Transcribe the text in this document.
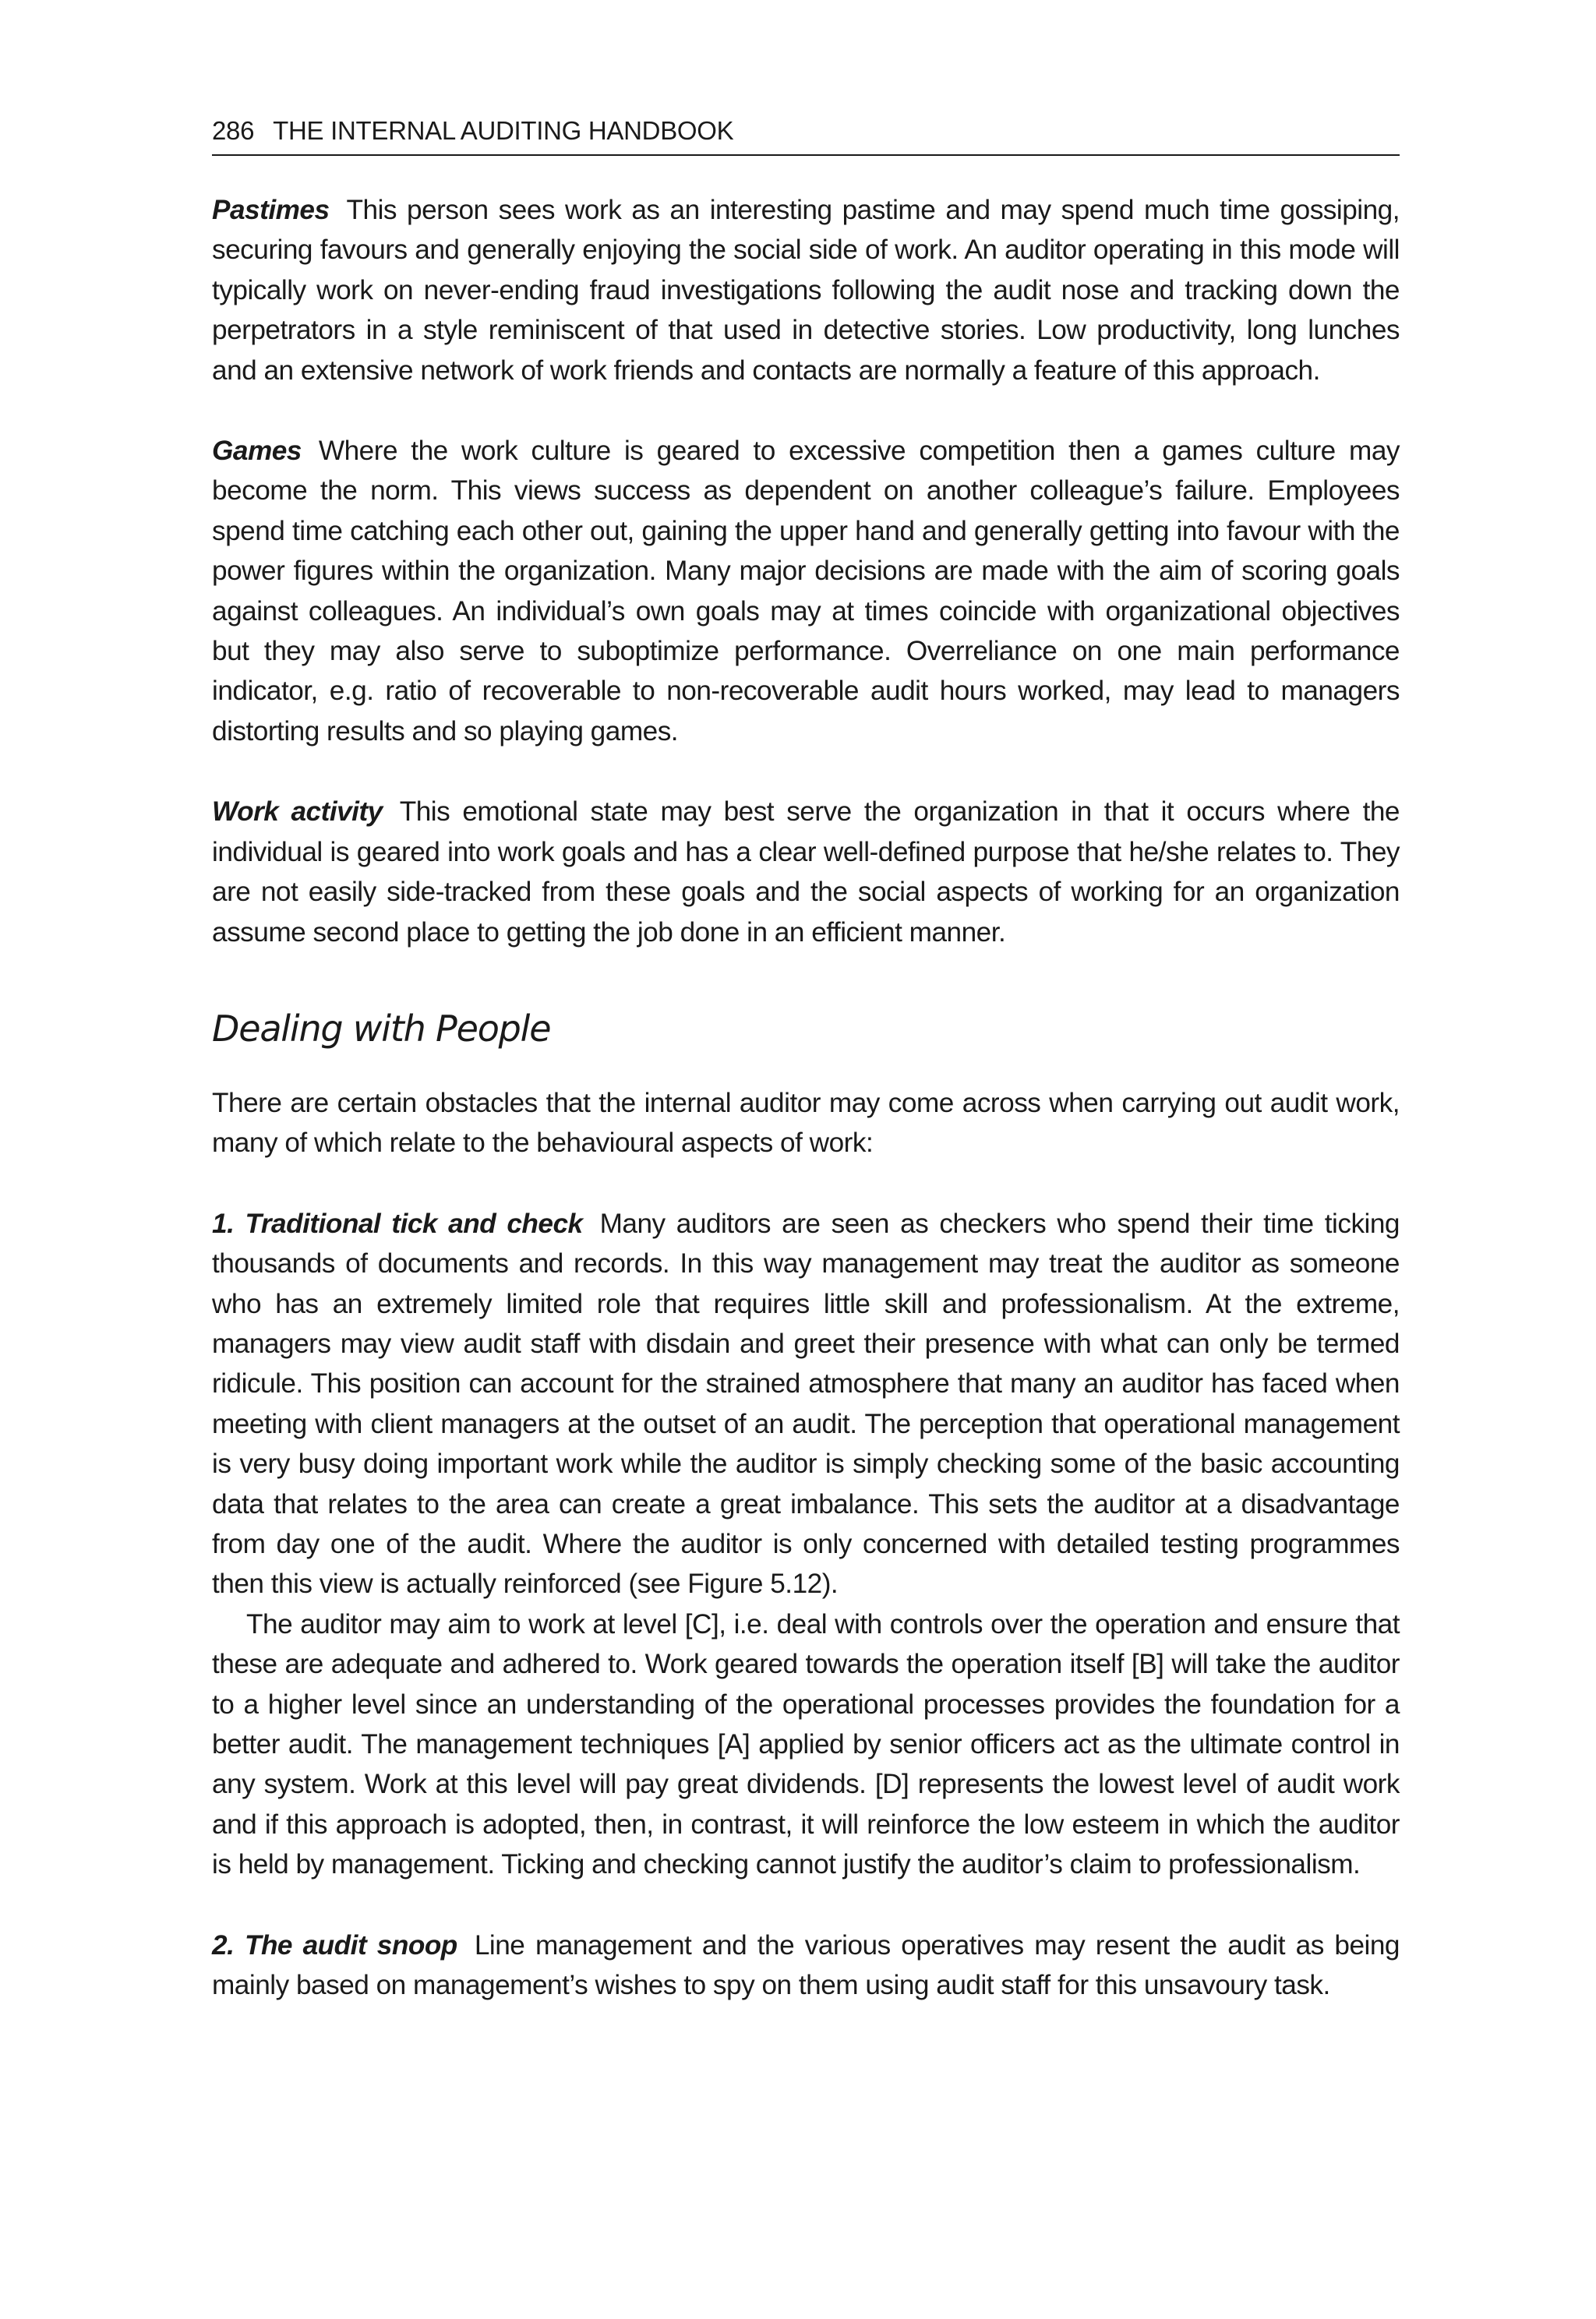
286 THE INTERNAL AUDITING HANDBOOK

Pastimes This person sees work as an interesting pastime and may spend much time gossiping, securing favours and generally enjoying the social side of work. An auditor operating in this mode will typically work on never-ending fraud investigations following the audit nose and tracking down the perpetrators in a style reminiscent of that used in detective stories. Low productivity, long lunches and an extensive network of work friends and contacts are normally a feature of this approach.

Games Where the work culture is geared to excessive competition then a games culture may become the norm. This views success as dependent on another colleague’s failure. Employees spend time catching each other out, gaining the upper hand and generally getting into favour with the power figures within the organization. Many major decisions are made with the aim of scoring goals against colleagues. An individual’s own goals may at times coincide with organizational objectives but they may also serve to suboptimize performance. Overreliance on one main performance indicator, e.g. ratio of recoverable to non-recoverable audit hours worked, may lead to managers distorting results and so playing games.

Work activity This emotional state may best serve the organization in that it occurs where the individual is geared into work goals and has a clear well-defined purpose that he/she relates to. They are not easily side-tracked from these goals and the social aspects of working for an organization assume second place to getting the job done in an efficient manner.

Dealing with People

There are certain obstacles that the internal auditor may come across when carrying out audit work, many of which relate to the behavioural aspects of work:

1. Traditional tick and check Many auditors are seen as checkers who spend their time ticking thousands of documents and records. In this way management may treat the auditor as someone who has an extremely limited role that requires little skill and professionalism. At the extreme, managers may view audit staff with disdain and greet their presence with what can only be termed ridicule. This position can account for the strained atmosphere that many an auditor has faced when meeting with client managers at the outset of an audit. The perception that operational management is very busy doing important work while the auditor is simply checking some of the basic accounting data that relates to the area can create a great imbalance. This sets the auditor at a disadvantage from day one of the audit. Where the auditor is only concerned with detailed testing programmes then this view is actually reinforced (see Figure 5.12).

The auditor may aim to work at level [C], i.e. deal with controls over the operation and ensure that these are adequate and adhered to. Work geared towards the operation itself [B] will take the auditor to a higher level since an understanding of the operational processes provides the foundation for a better audit. The management techniques [A] applied by senior officers act as the ultimate control in any system. Work at this level will pay great dividends. [D] represents the lowest level of audit work and if this approach is adopted, then, in contrast, it will reinforce the low esteem in which the auditor is held by management. Ticking and checking cannot justify the auditor’s claim to professionalism.

2. The audit snoop Line management and the various operatives may resent the audit as being mainly based on management’s wishes to spy on them using audit staff for this unsavoury task.
